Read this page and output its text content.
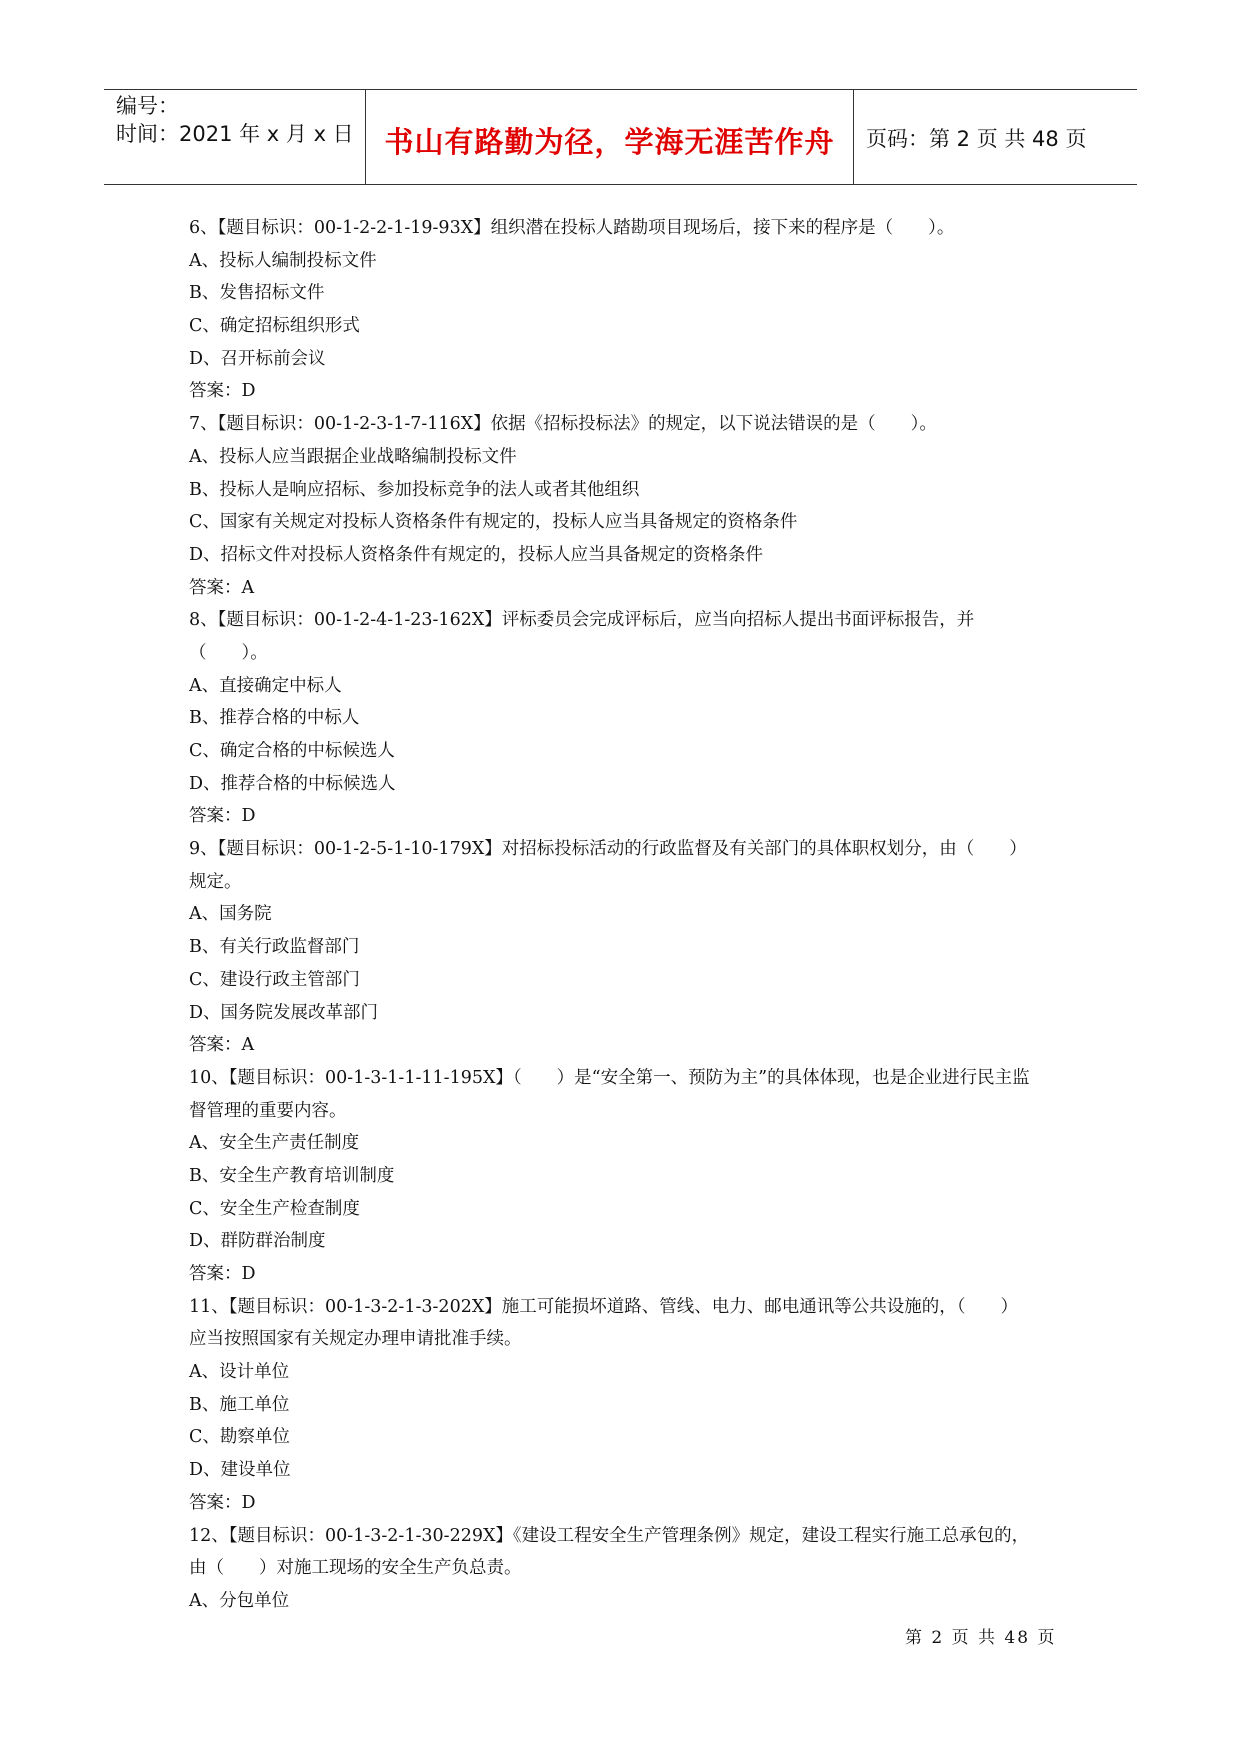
编号：
时间：2021 年 x 月 x 日	书山有路勤为径，学海无涯苦作舟	页码：第 2 页 共 48 页
6、【题目标识：00-1-2-2-1-19-93X】组织潜在投标人踏勘项目现场后，接下来的程序是（　　）。
A、投标人编制投标文件
B、发售招标文件
C、确定招标组织形式
D、召开标前会议
答案：D
7、【题目标识：00-1-2-3-1-7-116X】依据《招标投标法》的规定，以下说法错误的是（　　）。
A、投标人应当跟据企业战略编制投标文件
B、投标人是响应招标、参加投标竞争的法人或者其他组织
C、国家有关规定对投标人资格条件有规定的，投标人应当具备规定的资格条件
D、招标文件对投标人资格条件有规定的，投标人应当具备规定的资格条件
答案：A
8、【题目标识：00-1-2-4-1-23-162X】评标委员会完成评标后，应当向招标人提出书面评标报告，并
（　　）。
A、直接确定中标人
B、推荐合格的中标人
C、确定合格的中标候选人
D、推荐合格的中标候选人
答案：D
9、【题目标识：00-1-2-5-1-10-179X】对招标投标活动的行政监督及有关部门的具体职权划分，由（　　）
规定。
A、国务院
B、有关行政监督部门
C、建设行政主管部门
D、国务院发展改革部门
答案：A
10、【题目标识：00-1-3-1-1-11-195X】（　　）是“安全第一、预防为主”的具体体现，也是企业进行民主监
督管理的重要内容。
A、安全生产责任制度
B、安全生产教育培训制度
C、安全生产检查制度
D、群防群治制度
答案：D
11、【题目标识：00-1-3-2-1-3-202X】施工可能损坏道路、管线、电力、邮电通讯等公共设施的，（　　）
应当按照国家有关规定办理申请批准手续。
A、设计单位
B、施工单位
C、勘察单位
D、建设单位
答案：D
12、【题目标识：00-1-3-2-1-30-229X】《建设工程安全生产管理条例》规定，建设工程实行施工总承包的，
由（　　）对施工现场的安全生产负总责。
A、分包单位
第 2 页 共 48 页
